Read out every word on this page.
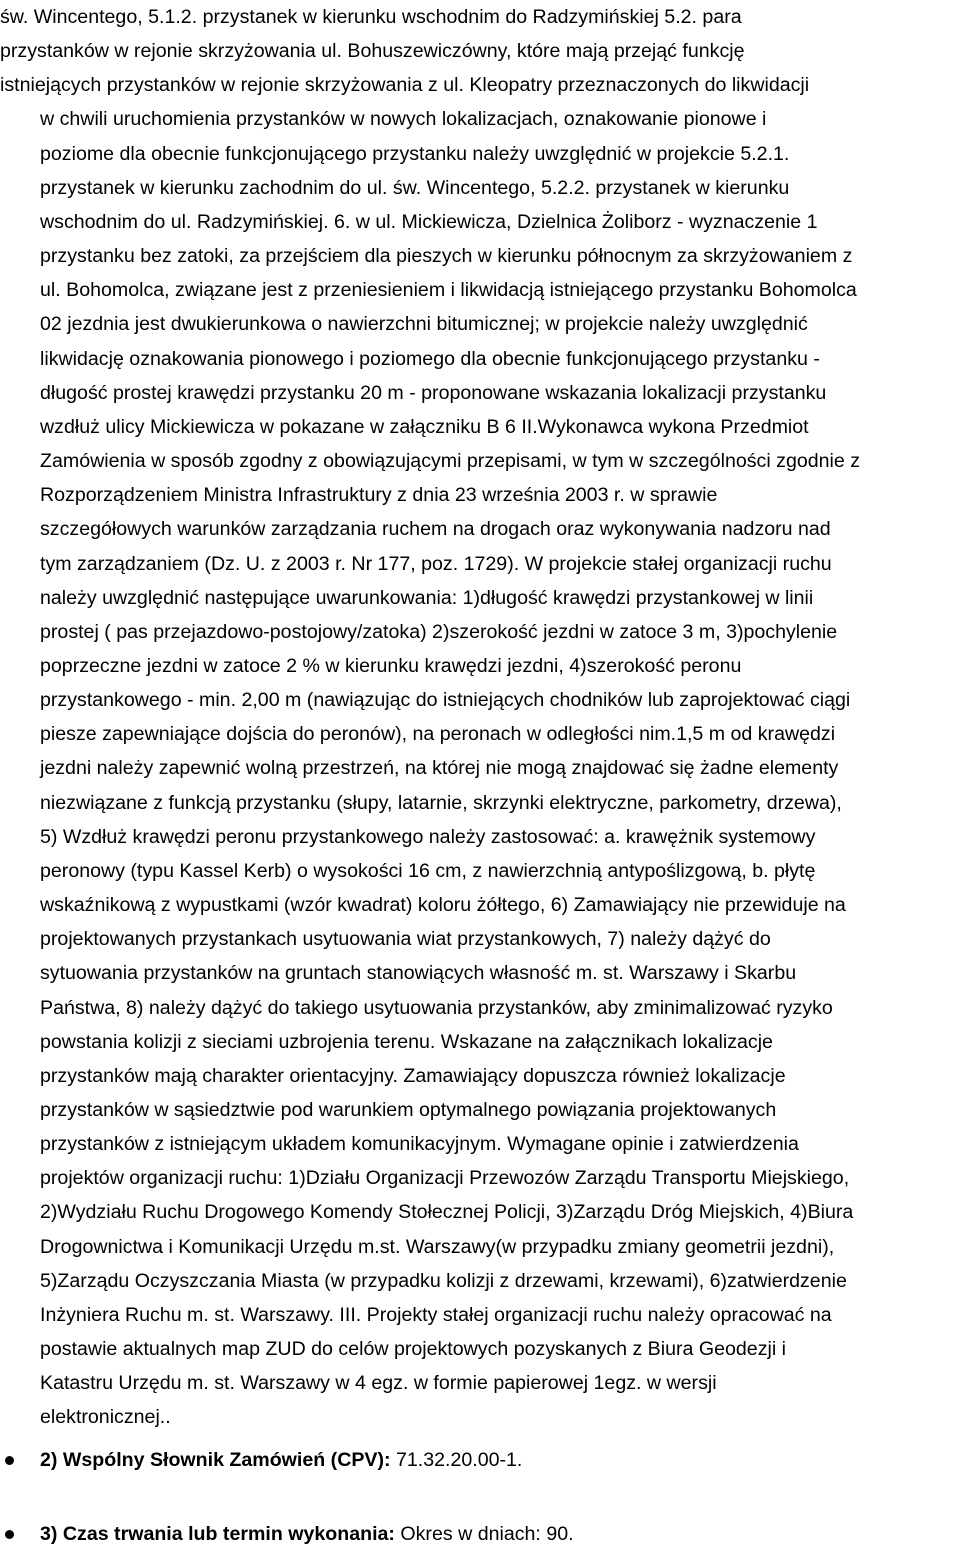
św. Wincentego, 5.1.2. przystanek w kierunku wschodnim do Radzymińskiej 5.2. para
przystanków w rejonie skrzyżowania ul. Bohuszewiczówny, które mają przejąć funkcję
istniejących przystanków w rejonie skrzyżowania z ul. Kleopatry przeznaczonych do likwidacji
w chwili uruchomienia przystanków w nowych lokalizacjach, oznakowanie pionowe i
poziome dla obecnie funkcjonującego przystanku należy uwzględnić w projekcie 5.2.1.
przystanek w kierunku zachodnim do ul. św. Wincentego, 5.2.2. przystanek w kierunku
wschodnim do ul. Radzymińskiej. 6. w ul. Mickiewicza, Dzielnica Żoliborz - wyznaczenie 1
przystanku bez zatoki, za przejściem dla pieszych w kierunku północnym za skrzyżowaniem z
ul. Bohomolca, związane jest z przeniesieniem i likwidacją istniejącego przystanku Bohomolca
02 jezdnia jest dwukierunkowa o nawierzchni bitumicznej; w projekcie należy uwzględnić
likwidację oznakowania pionowego i poziomego dla obecnie funkcjonującego przystanku -
długość prostej krawędzi przystanku 20 m - proponowane wskazania lokalizacji przystanku
wzdłuż ulicy Mickiewicza w pokazane w załączniku B 6 II.Wykonawca wykona Przedmiot
Zamówienia w sposób zgodny z obowiązującymi przepisami, w tym w szczególności zgodnie z
Rozporządzeniem Ministra Infrastruktury z dnia 23 września 2003 r. w sprawie
szczegółowych warunków zarządzania ruchem na drogach oraz wykonywania nadzoru nad
tym zarządzaniem (Dz. U. z 2003 r. Nr 177, poz. 1729). W projekcie stałej organizacji ruchu
należy uwzględnić następujące uwarunkowania: 1)długość krawędzi przystankowej w linii
prostej ( pas przejazdowo-postojowy/zatoka) 2)szerokość jezdni w zatoce 3 m, 3)pochylenie
poprzeczne jezdni w zatoce 2 % w kierunku krawędzi jezdni, 4)szerokość peronu
przystankowego - min. 2,00 m (nawiązując do istniejących chodników lub zaprojektować ciągi
piesze zapewniające dojścia do peronów), na peronach w odległości nim.1,5 m od krawędzi
jezdni należy zapewnić wolną przestrzeń, na której nie mogą znajdować się żadne elementy
niezwiązane z funkcją przystanku (słupy, latarnie, skrzynki elektryczne, parkometry, drzewa),
5) Wzdłuż krawędzi peronu przystankowego należy zastosować: a. krawężnik systemowy
peronowy (typu Kassel Kerb) o wysokości 16 cm, z nawierzchnią antypoślizgową, b. płytę
wskaźnikową z wypustkami (wzór kwadrat) koloru żółtego, 6) Zamawiający nie przewiduje na
projektowanych przystankach usytuowania wiat przystankowych, 7) należy dążyć do
sytuowania przystanków na gruntach stanowiących własność m. st. Warszawy i Skarbu
Państwa, 8) należy dążyć do takiego usytuowania przystanków, aby zminimalizować ryzyko
powstania kolizji z sieciami uzbrojenia terenu. Wskazane na załącznikach lokalizacje
przystanków mają charakter orientacyjny. Zamawiający dopuszcza również lokalizacje
przystanków w sąsiedztwie pod warunkiem optymalnego powiązania projektowanych
przystanków z istniejącym układem komunikacyjnym. Wymagane opinie i zatwierdzenia
projektów organizacji ruchu: 1)Działu Organizacji Przewozów Zarządu Transportu Miejskiego,
2)Wydziału Ruchu Drogowego Komendy Stołecznej Policji, 3)Zarządu Dróg Miejskich, 4)Biura
Drogownictwa i Komunikacji Urzędu m.st. Warszawy(w przypadku zmiany geometrii jezdni),
5)Zarządu Oczyszczania Miasta (w przypadku kolizji z drzewami, krzewami), 6)zatwierdzenie
Inżyniera Ruchu m. st. Warszawy. III. Projekty stałej organizacji ruchu należy opracować na
postawie aktualnych map ZUD do celów projektowych pozyskanych z Biura Geodezji i
Katastru Urzędu m. st. Warszawy w 4 egz. w formie papierowej 1egz. w wersji
elektronicznej..
2) Wspólny Słownik Zamówień (CPV): 71.32.20.00-1.
3) Czas trwania lub termin wykonania: Okres w dniach: 90.
